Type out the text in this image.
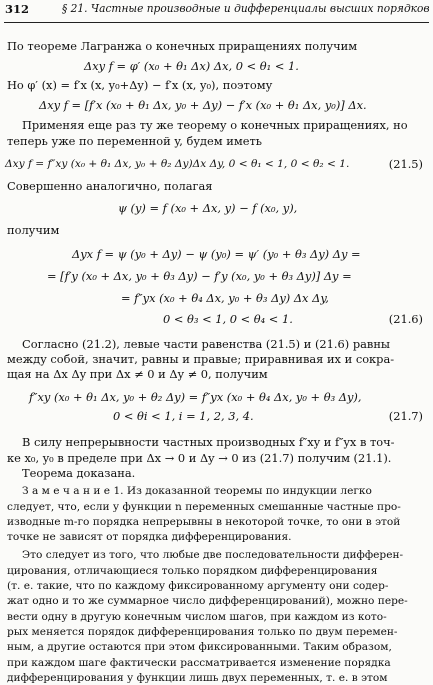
312	§ 21. Частные производные и дифференциалы высших порядков
По теореме Лагранжа о конечных приращениях получим
Δxy f = φ′ (x₀ + θ₁ Δx) Δx, 0 < θ₁ < 1.
Но φ′ (x) = f′x (x, y₀+Δy) − f′x (x, y₀), поэтому
Δxy f = [f′x (x₀ + θ₁ Δx, y₀ + Δy) − f′x (x₀ + θ₁ Δx, y₀)] Δx.
Применяя еще раз ту же теорему о конечных приращениях, но
теперь уже по переменной y, будем иметь
Δxy f = f″xy (x₀ + θ₁ Δx, y₀ + θ₂ Δy)Δx Δy, 0 < θ₁ < 1, 0 < θ₂ < 1.	(21.5)
Совершенно аналогично, полагая
ψ (y) = f (x₀ + Δx, y) − f (x₀, y),
получим
Δyx f = ψ (y₀ + Δy) − ψ (y₀) = ψ′ (y₀ + θ₃ Δy) Δy =
= [f′y (x₀ + Δx, y₀ + θ₃ Δy) − f′y (x₀, y₀ + θ₃ Δy)] Δy =
= f″yx (x₀ + θ₄ Δx, y₀ + θ₃ Δy) Δx Δy,
0 < θ₃ < 1, 0 < θ₄ < 1.	(21.6)
Согласно (21.2), левые части равенства (21.5) и (21.6) равны
между собой, значит, равны и правые; приравнивая их и сокра-
щая на Δx Δy при Δx ≠ 0 и Δy ≠ 0, получим
f″xy (x₀ + θ₁ Δx, y₀ + θ₂ Δy) = f″yx (x₀ + θ₄ Δx, y₀ + θ₃ Δy),
0 < θi < 1, i = 1, 2, 3, 4.	(21.7)
В силу непрерывности частных производных f″xy и f″yx в точ-
ке x₀, y₀ в пределе при Δx → 0 и Δy → 0 из (21.7) получим (21.1).
Теорема доказана.
З а м е ч а н и е 1. Из доказанной теоремы по индукции легко
следует, что, если у функции n переменных смешанные частные про-
изводные m-го порядка непрерывны в некоторой точке, то они в этой
точке не зависят от порядка дифференцирования.
Это следует из того, что любые две последовательности дифферен-
цирования, отличающиеся только порядком дифференцирования
(т. е. такие, что по каждому фиксированному аргументу они содер-
жат одно и то же суммарное число дифференцирований), можно пере-
вести одну в другую конечным числом шагов, при каждом из кото-
рых меняется порядок дифференцирования только по двум перемен-
ным, а другие остаются при этом фиксированными. Таким образом,
при каждом шаге фактически рассматривается изменение порядка
дифференцирования у функции лишь двух переменных, т. е. в этом
